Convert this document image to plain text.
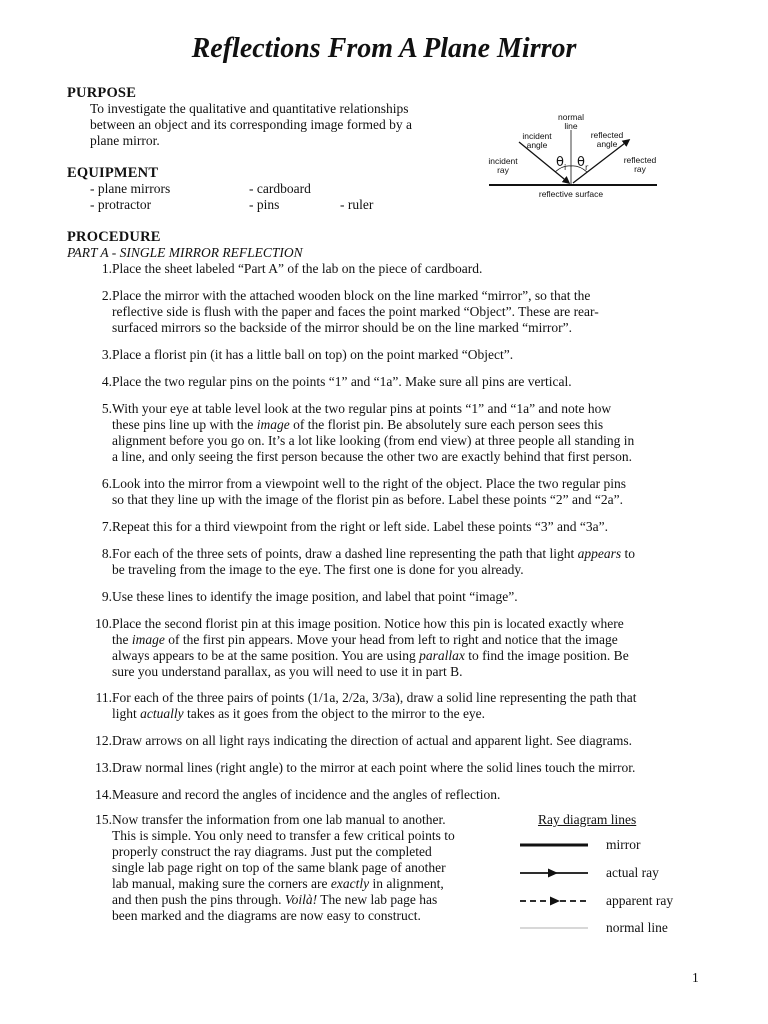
Reflections From A Plane Mirror
PURPOSE
To investigate the qualitative and quantitative relationships
between an object and its corresponding image formed by a
plane mirror.
normal
line
incident
angle
reflected
angle
incident
ray
reflected
ray
$\theta_i$ $\theta_r$
reflective surface
EQUIPMENT
- plane mirrors
- protractor
- cardboard
- pins	- ruler
PROCEDURE
PART A - SINGLE MIRROR REFLECTION
1. Place the sheet labeled “Part A” of the lab on the piece of cardboard.
2. Place the mirror with the attached wooden block on the line marked “mirror”, so that the
reflective side is flush with the paper and faces the point marked “Object”. These are rear-
surfaced mirrors so the backside of the mirror should be on the line marked “mirror”.
3. Place a florist pin (it has a little ball on top) on the point marked “Object”.
4. Place the two regular pins on the points “1” and “1a”. Make sure all pins are vertical.
5. With your eye at table level look at the two regular pins at points “1” and “1a” and note how
these pins line up with the image of the florist pin. Be absolutely sure each person sees this
alignment before you go on. It’s a lot like looking (from end view) at three people all standing in
a line, and only seeing the first person because the other two are exactly behind that first person.
6. Look into the mirror from a viewpoint well to the right of the object. Place the two regular pins
so that they line up with the image of the florist pin as before. Label these points “2” and “2a”.
7. Repeat this for a third viewpoint from the right or left side. Label these points “3” and “3a”.
8. For each of the three sets of points, draw a dashed line representing the path that light appears to
be traveling from the image to the eye. The first one is done for you already.
9. Use these lines to identify the image position, and label that point “image”.
10. Place the second florist pin at this image position. Notice how this pin is located exactly where
the image of the first pin appears. Move your head from left to right and notice that the image
always appears to be at the same position. You are using parallax to find the image position. Be
sure you understand parallax, as you will need to use it in part B.
11. For each of the three pairs of points (1/1a, 2/2a, 3/3a), draw a solid line representing the path that
light actually takes as it goes from the object to the mirror to the eye.
12. Draw arrows on all light rays indicating the direction of actual and apparent light. See diagrams.
13. Draw normal lines (right angle) to the mirror at each point where the solid lines touch the mirror.
14. Measure and record the angles of incidence and the angles of reflection.
15. Now transfer the information from one lab manual to another.
This is simple. You only need to transfer a few critical points to
properly construct the ray diagrams. Just put the completed
single lab page right on top of the same blank page of another
lab manual, making sure the corners are exactly in alignment,
and then push the pins through. Voilà! The new lab page has
been marked and the diagrams are now easy to construct.
Ray diagram lines
mirror
actual ray
apparent ray
normal line
1
